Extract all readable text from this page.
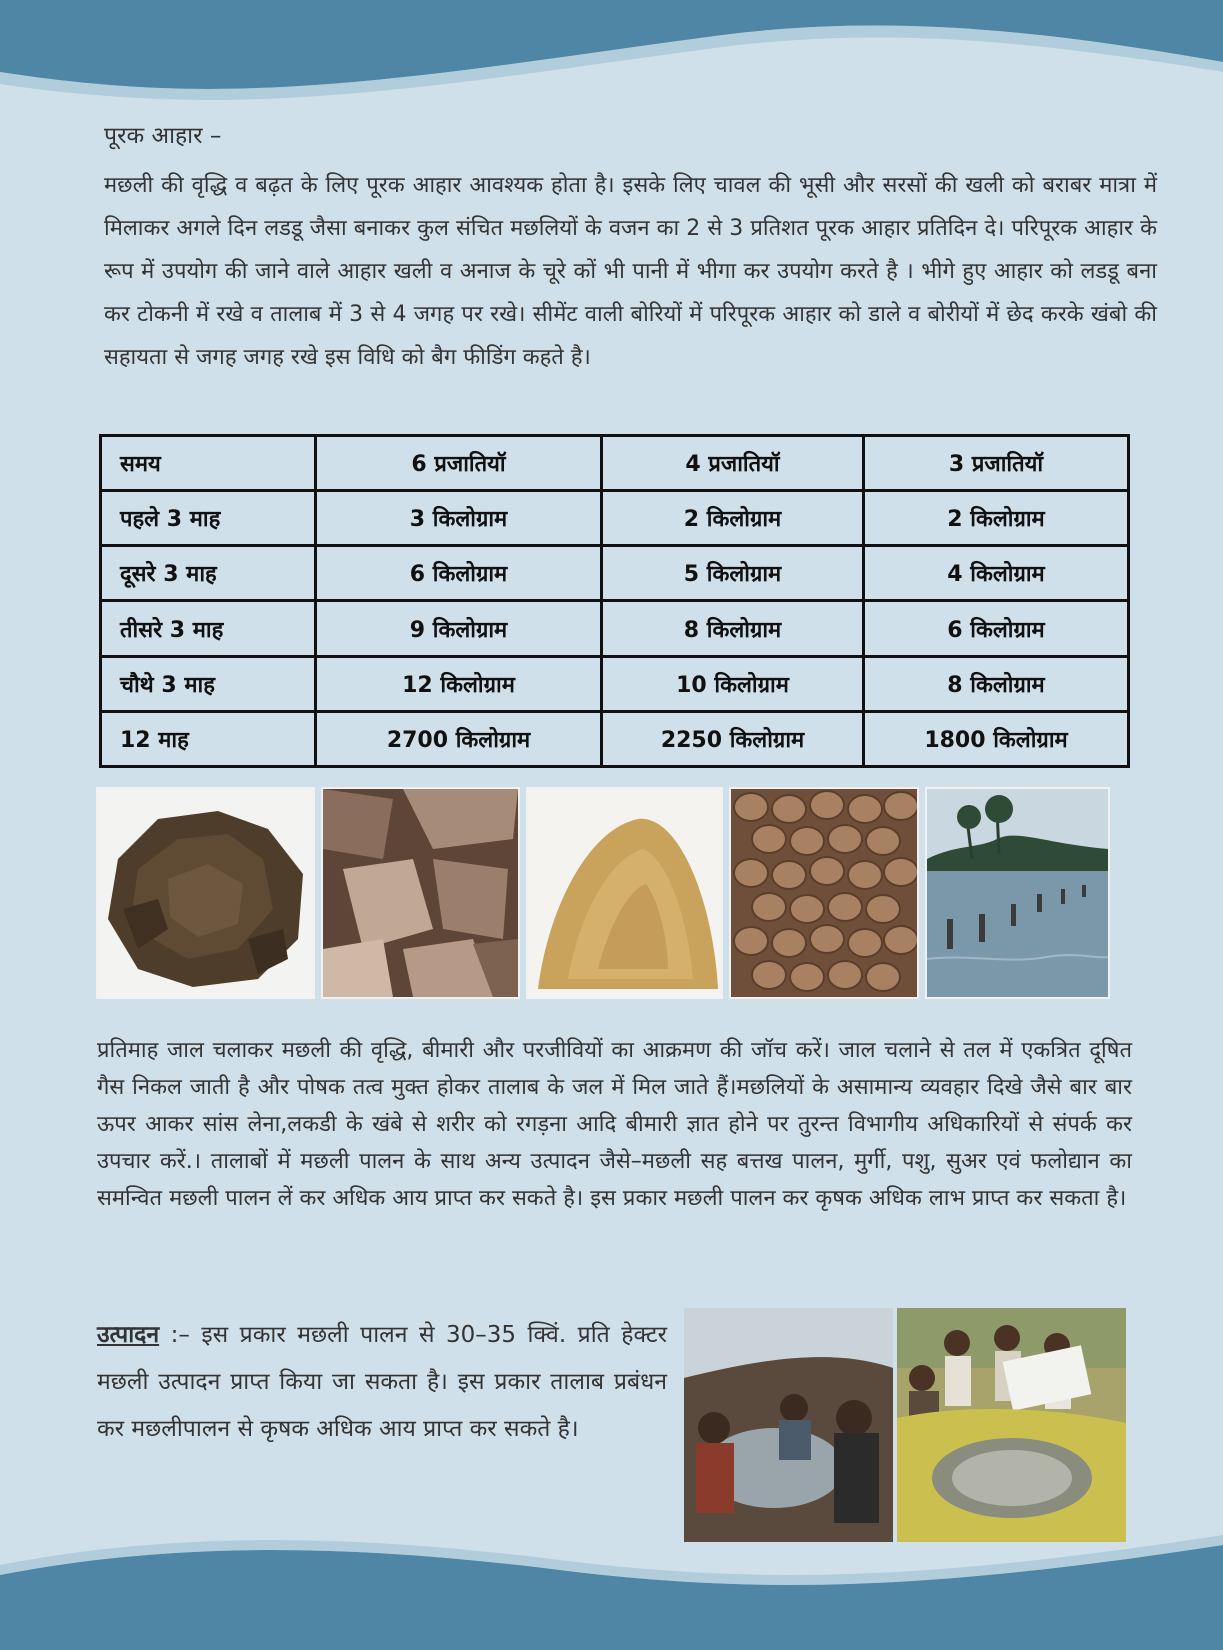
पूरक आहार –
मछली की वृद्धि व बढ़त के लिए पूरक आहार आवश्यक होता है। इसके लिए चावल की भूसी और सरसों की खली को बराबर मात्रा में मिलाकर अगले दिन लडडू जैसा बनाकर कुल संचित मछलियों के वजन का 2 से 3 प्रतिशत पूरक आहार प्रतिदिन दे। परिपूरक आहार के रूप में उपयोग की जाने वाले आहार खली व अनाज के चूरे कों भी पानी में भीगा कर उपयोग करते है । भीगे हुए आहार को लडडू बना कर टोकनी में रखे व तालाब में 3 से 4 जगह पर रखे। सीमेंट वाली बोरियों में परिपूरक आहार को डाले व बोरीयों में छेद करके खंबो की सहायता से जगह जगह रखे इस विधि को बैग फीडिंग कहते है।
समय	6 प्रजातियॉ	4 प्रजातियॉ	3 प्रजातियॉ
पहले 3 माह	3 किलोग्राम	2 किलोग्राम	2 किलोग्राम
दूसरे 3 माह	6 किलोग्राम	5 किलोग्राम	4 किलोग्राम
तीसरे 3 माह	9 किलोग्राम	8 किलोग्राम	6 किलोग्राम
चौथे 3 माह	12 किलोग्राम	10 किलोग्राम	8 किलोग्राम
12 माह	2700 किलोग्राम	2250 किलोग्राम	1800 किलोग्राम
प्रतिमाह जाल चलाकर मछली की वृद्धि, बीमारी और परजीवियों का आक्रमण की जॉच करें। जाल चलाने से तल में एकत्रित दूषित गैस निकल जाती है और पोषक तत्व मुक्त होकर तालाब के जल में मिल जाते हैं।मछलियों के असामान्य व्यवहार दिखे जैसे बार बार ऊपर आकर सांस लेना,लकडी के खंबे से शरीर को रगड़ना आदि बीमारी ज्ञात होने पर तुरन्त विभागीय अधिकारियों से संपर्क कर उपचार करें.। तालाबों में मछली पालन के साथ अन्य उत्पादन जैसे–मछली सह बत्तख पालन, मुर्गी, पशु, सुअर एवं फलोद्यान का समन्वित मछली पालन लें कर अधिक आय प्राप्त कर सकते है। इस प्रकार मछली पालन कर कृषक अधिक लाभ प्राप्त कर सकता है।
उत्पादन :– इस प्रकार मछली पालन से 30–35 क्विं. प्रति हेक्टर मछली उत्पादन प्राप्त किया जा सकता है। इस प्रकार तालाब प्रबंधन कर मछलीपालन से कृषक अधिक आय प्राप्त कर सकते है।
